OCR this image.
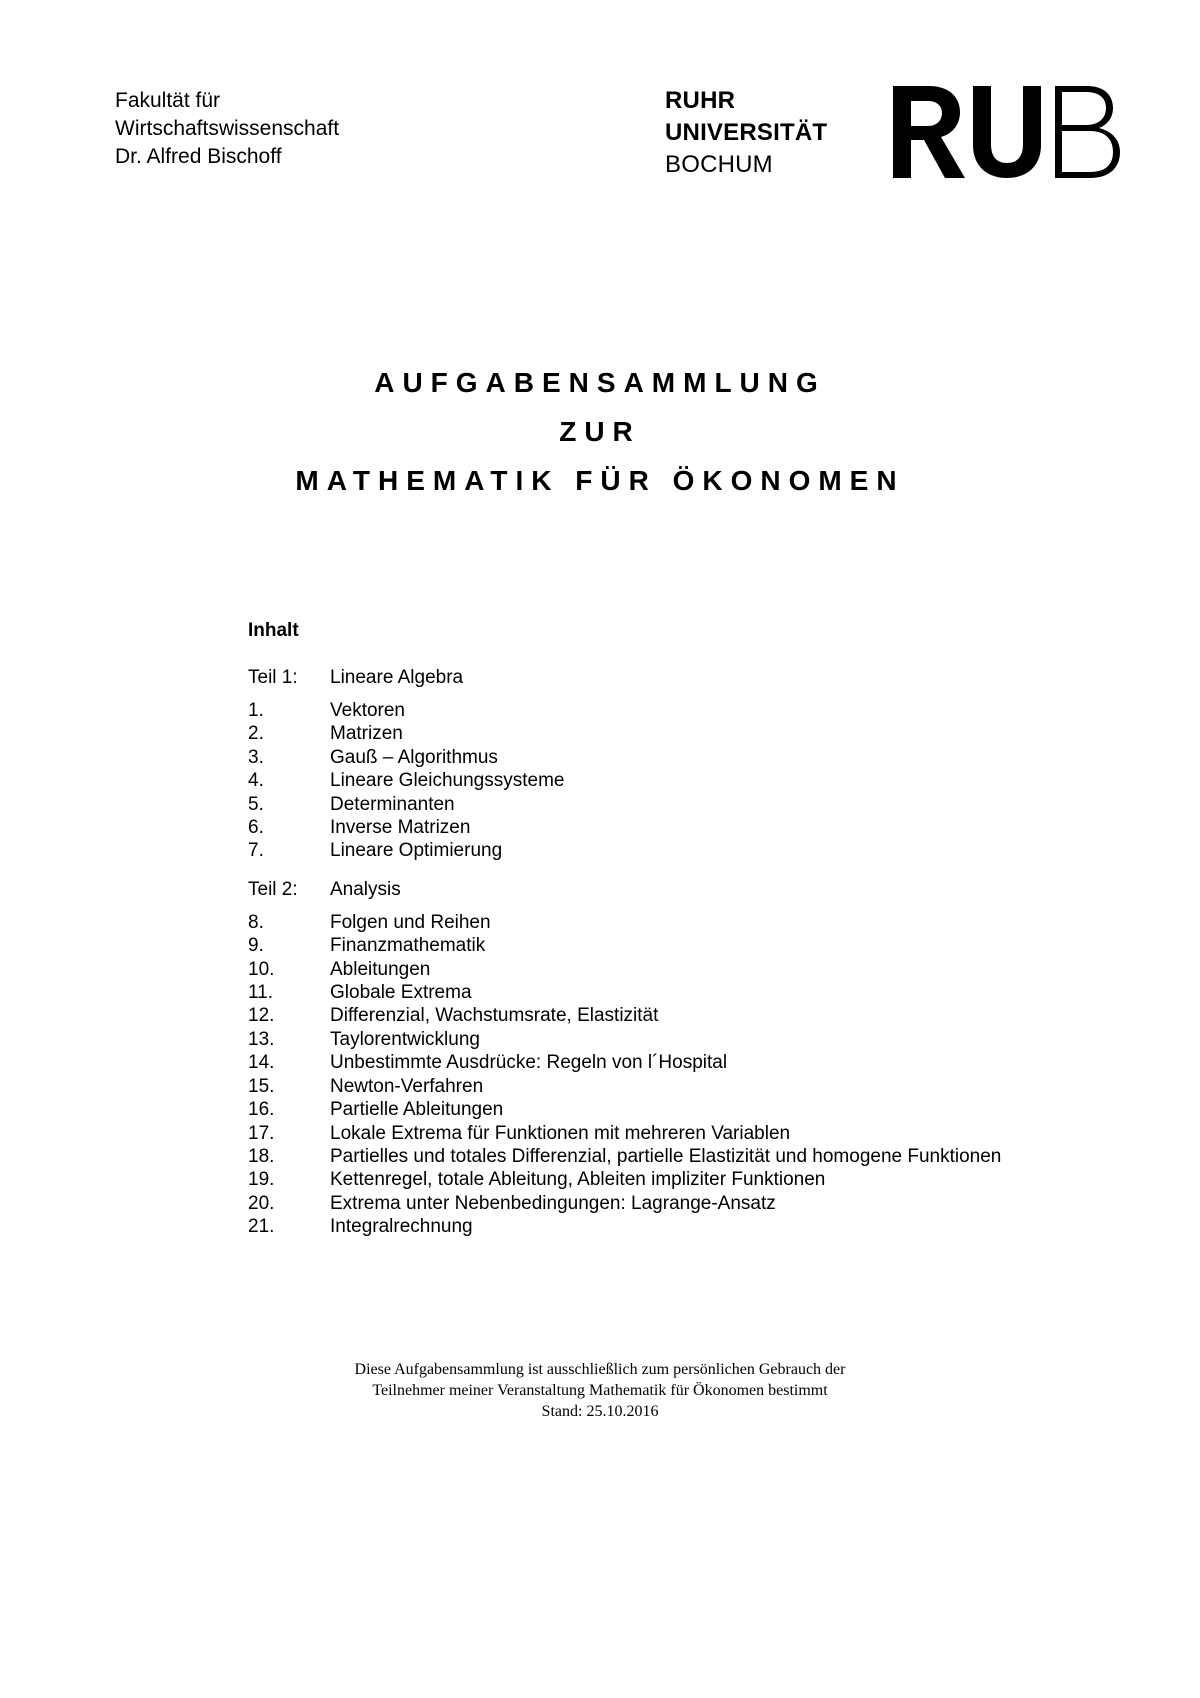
Fakultät für
Wirtschaftswissenschaft
Dr. Alfred Bischoff
RUHR
UNIVERSITÄT
BOCHUM
AUFGABENSAMMLUNG
ZUR
MATHEMATIK FÜR ÖKONOMEN
Inhalt
Teil 1:	Lineare Algebra
1.	Vektoren
2.	Matrizen
3.	Gauß – Algorithmus
4.	Lineare Gleichungssysteme
5.	Determinanten
6.	Inverse Matrizen
7.	Lineare Optimierung
Teil 2:	Analysis
8.	Folgen und Reihen
9.	Finanzmathematik
10.	Ableitungen
11.	Globale Extrema
12.	Differenzial, Wachstumsrate, Elastizität
13.	Taylorentwicklung
14.	Unbestimmte Ausdrücke: Regeln von l´Hospital
15.	Newton-Verfahren
16.	Partielle Ableitungen
17.	Lokale Extrema für Funktionen mit mehreren Variablen
18.	Partielles und totales Differenzial, partielle Elastizität und homogene Funktionen
19.	Kettenregel, totale Ableitung, Ableiten impliziter Funktionen
20.	Extrema unter Nebenbedingungen: Lagrange-Ansatz
21.	Integralrechnung
Diese Aufgabensammlung ist ausschließlich zum persönlichen Gebrauch der
Teilnehmer meiner Veranstaltung Mathematik für Ökonomen bestimmt
Stand: 25.10.2016
